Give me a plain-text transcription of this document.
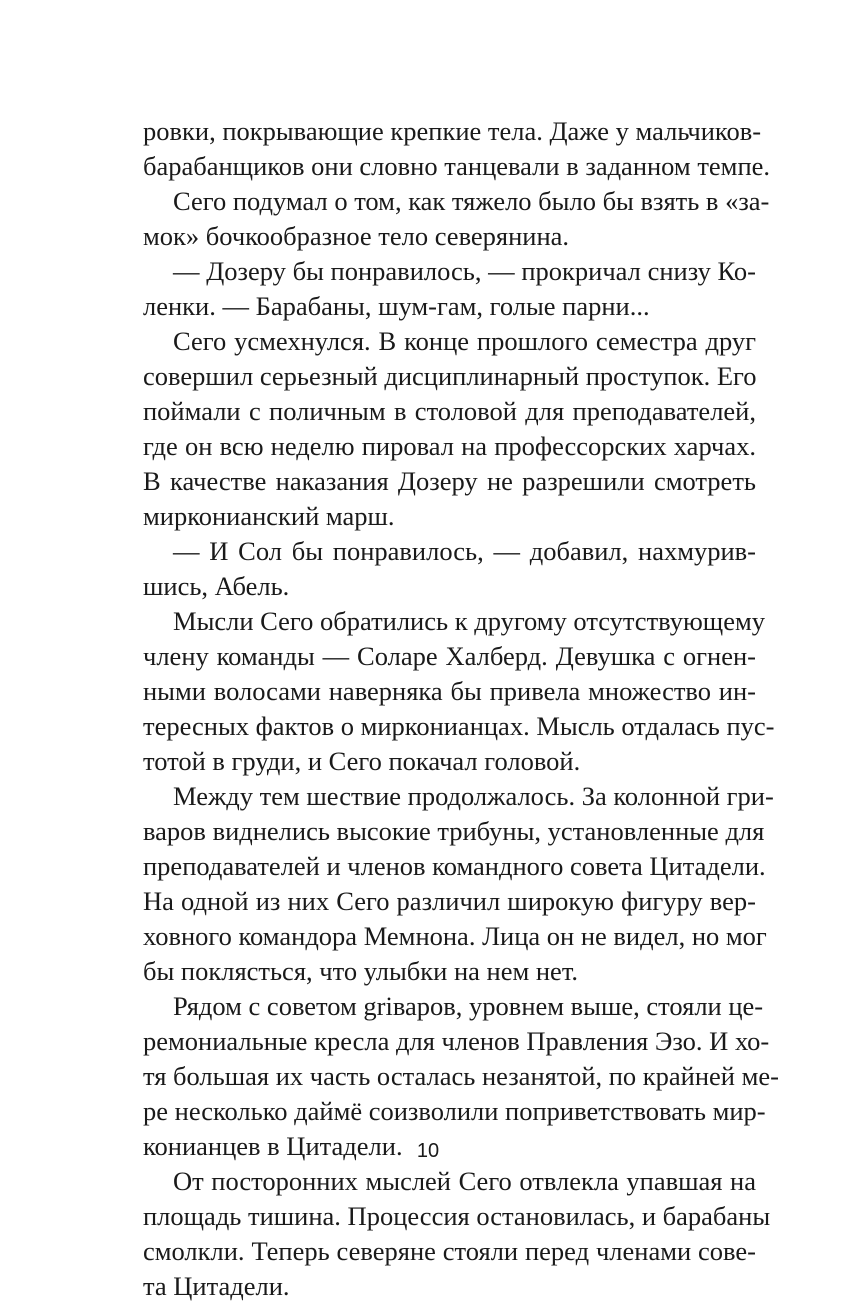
ровки, покрывающие крепкие тела. Даже у мальчиков-
барабанщиков они словно танцевали в заданном темпе.
Сего подумал о том, как тяжело было бы взять в «за-
мок» бочкообразное тело северянина.
— Дозеру бы понравилось, — прокричал снизу Ко-
ленки. — Барабаны, шум-гам, голые парни...
Сего усмехнулся. В конце прошлого семестра друг
совершил серьезный дисциплинарный проступок. Его
поймали с поличным в столовой для преподавателей,
где он всю неделю пировал на профессорских харчах.
В качестве наказания Дозеру не разрешили смотреть
мирконианский марш.
— И Сол бы понравилось, — добавил, нахмурив-
шись, Абель.
Мысли Сего обратились к другому отсутствующему
члену команды — Соларе Халберд. Девушка с огнен-
ными волосами наверняка бы привела множество ин-
тересных фактов о мирконианцах. Мысль отдалась пус-
тотой в груди, и Сего покачал головой.
Между тем шествие продолжалось. За колонной гри-
варов виднелись высокие трибуны, установленные для
преподавателей и членов командного совета Цитадели.
На одной из них Сего различил широкую фигуру вер-
ховного командора Мемнона. Лица он не видел, но мог
бы поклясться, что улыбки на нем нет.
Рядом с советом griваров, уровнем выше, стояли це-
ремониальные кресла для членов Правления Эзо. И хо-
тя большая их часть осталась незанятой, по крайней ме-
ре несколько даймё соизволили поприветствовать мир-
конианцев в Цитадели.
От посторонних мыслей Сего отвлекла упавшая на
площадь тишина. Процессия остановилась, и барабаны
смолкли. Теперь северяне стояли перед членами сове-
та Цитадели.
10
